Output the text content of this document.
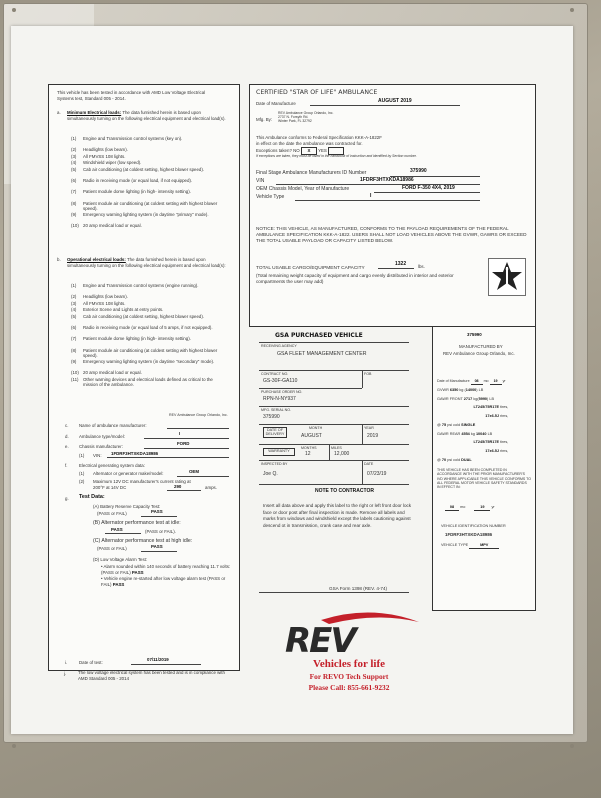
This vehicle has been tested in accordance with AMD Low Voltage Electrical Systems test, Standard 005 - 2014.
a. Minimum Electrical loads: The data furnished herein is based upon simultaneously turning on the following electrical equipment and electrical load(s).
(1) Engine and Transmission control systems (key on).
(2) Headlights (low beam).
(3) All FMVSS 108 lights.
(4) Windshield wiper (low speed).
(5) Cab air conditioning (at coldest setting, highest blower speed).
(6) Radio in receiving mode (or equal load, if not equipped).
(7) Patient module dome lighting (in high- intensity setting).
(8) Patient module air conditioning (at coldest setting with highest blower speed).
(9) Emergency warning lighting system (in daytime "primary" mode).
(10) 20 amp medical load or equal.
b. Operational electrical loads: The data furnished herein is based upon simultaneously turning on the following electrical equipment and electrical load(s):
(1) Engine and Transmission control systems (engine running).
(2) Headlights (low beam).
(3) All FMVSS 108 lights.
(4) Exterior Scene and Lights at entry points.
(5) Cab air conditioning (at coldest setting, highest blower speed).
(6) Radio in receiving mode (or equal load of 5 amps, if not equipped).
(7) Patient module dome lighting (in high- intensity setting).
(8) Patient module air conditioning (at coldest setting with highest blower speed).
(9) Emergency warning lighting system (in daytime "secondary" mode).
(10) 20 amp medical load or equal.
(11) Other warning devices and electrical loads defined as critical to the mission of the ambulance.
REV Ambulance Group Orlando, Inc.
c. Name of ambulance manufacturer:
d. Ambulance type/model:
I
e. Chassis manufacturer:
FORD
(1) VIN: 1FDRF3HTXKDA18986
f.	Electrical generating system data:
(1) Alternator or generator make/model:	OEM
(2) Maximum 12V DC manufacturer's current rating at 200°F at 14V DC	290	amps.
g. Test Data:
(A) Battery Reserve Capacity Test:
(PASS or FAIL)	PASS
(B) Alternator performance test at idle:
PASS	(PASS or FAIL).
(C) Alternator performance test at high idle:
(PASS or FAIL)	PASS
(D) Low Voltage Alarm Test:
• Alarm sounded within 140 seconds of battery reaching 11.7 volts: (PASS or FAIL) PASS
• Vehicle engine re-started after low voltage alarm test (PASS or FAIL) PASS
i.	Date of test:
07/11/2019
j.	The low voltage electrical system has been tested and is in compliance with AMD Standard 005 - 2014
CERTIFIED "STAR OF LIFE" AMBULANCE
Date of Manufacture	AUGUST 2019
Mfg. By:
REV Ambulance Group Orlando, Inc.
2737 N. Forsyth Rd.
Winter Park, FL 32792
This Ambulance conforms to Federal Specification KKK-A-1822F
in effect on the date the ambulance was contracted for.
Exceptions taken? NO X YES
If exceptions are taken, they must be listed in the handbook of instruction and identified by Section number.
Final Stage Ambulance Manufacturers ID Number	375990
VIN	1FDRF3HTXKDA18986
OEM Chassis Model, Year of Manufacture	FORD F-350 4X4, 2019
Vehicle Type	I
NOTICE: THIS VEHICLE, AS MANUFACTURED, CONFORMS TO THE PAYLOAD REQUIREMENTS OF THE FEDERAL AMBULANCE SPECIFICATION KKK-A-1822. USERS SHALL NOT LOAD VEHICLES ABOVE THE GVWR, GAWRS OR EXCEED THE TOTAL USABLE PAYLOAD OR CAPACITY LISTED BELOW.
TOTAL USABLE CARGO/EQUIPMENT CAPACITY
1322	lbs.
(Total remaining weight capacity of equipment and cargo evenly distributed in interior and exterior compartments the user may add)
GSA PURCHASED VEHICLE
RECEIVING AGENCY
GSA FLEET MANAGEMENT CENTER
CONTRACT NO.	FOB
GS-30F-GA110
PURCHASE ORDER NO.
RPN-N-NY937
MFG. SERIAL NO.
375990
DATE OF DELIVERY
MONTH
AUGUST
YEAR
2019
WARRANTY
MONTHS
12
MILES
12,000
INSPECTED BY
Joe Q.
DATE
07/23/19
NOTE TO CONTRACTOR
Insert all data above and apply this label to the right or left front door lock face or door post after final inspection is made. Remove all labels and marks from windows and windshield except the labels cautioning against descend ot in transmission, crank case and rear axle.
GSA Form 1398 (REV. 4-74)
375990
MANUFACTURED BY
REV Ambulance Group Orlando, Inc.
Date of Manufacture 08 mo 19 yr
GVWR 6350 kg (14000) LB
GAWR FRONT 2717 kg(5990) LB
LT245/75R17E tires,
17x6.5J rims,
@ 75 psi cold SINGLE
GAWR REAR 4554 kg 10040 LB
LT245/75R17E tires,
17x6.5J rims,
@ 70 psi cold DUAL
THIS VEHICLE HAS BEEN COMPLETED IN ACCORDANCE WITH THE PRIOR MANUFACTURER'S IVD WHERE APPLICABLE THIS VEHICLE CONFORMS TO ALL FEDERAL MOTOR VEHICLE SAFETY STANDARDS IN EFFECT IN:
08 mo	19 yr
VEHICLE IDENTIFICATION NUMBER
1FDRF3HTXKDA18986
VEHICLE TYPE	MPV
REV
Vehicles for life
For REVO Tech Support
Please Call: 855-661-9232
